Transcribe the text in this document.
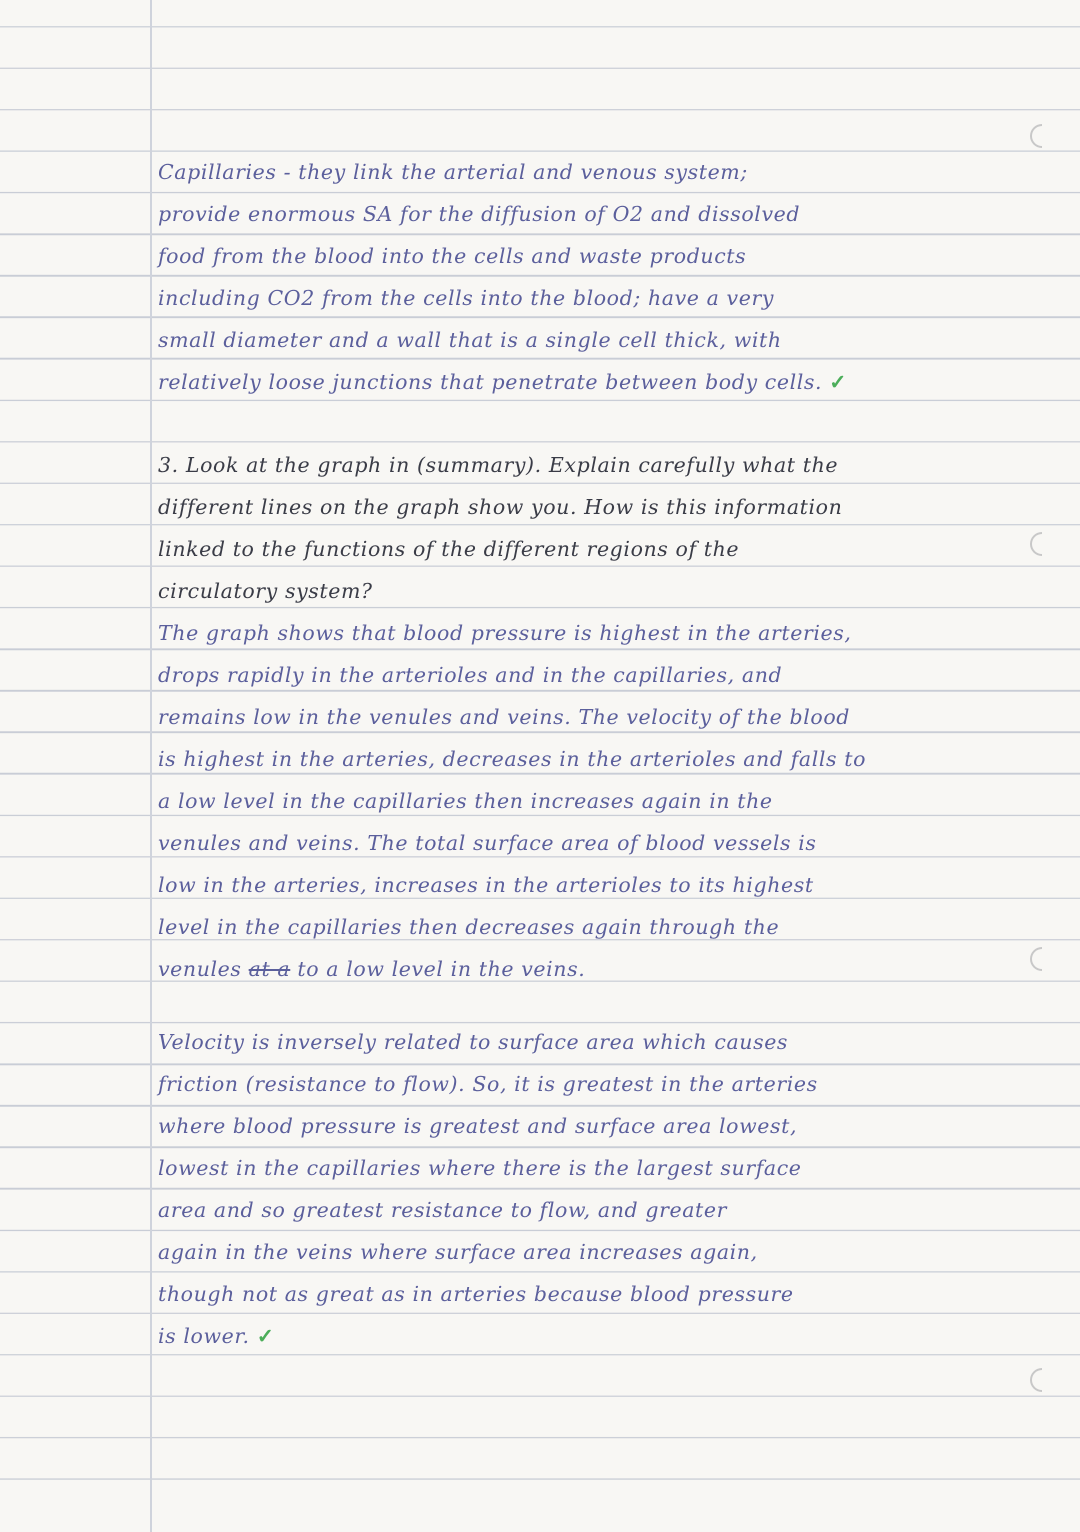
Capillaries - they link the arterial and venous system;
provide enormous SA for the diffusion of O2 and dissolved
food from the blood into the cells and waste products
including CO2 from the cells into the blood; have a very
small diameter and a wall that is a single cell thick, with
relatively loose junctions that penetrate between body cells. ✓
3. Look at the graph in (summary). Explain carefully what the
different lines on the graph show you. How is this information
linked to the functions of the different regions of the
circulatory system?
The graph shows that blood pressure is highest in the arteries,
drops rapidly in the arterioles and in the capillaries, and
remains low in the venules and veins. The velocity of the blood
is highest in the arteries, decreases in the arterioles and falls to
a low level in the capillaries then increases again in the
venules and veins. The total surface area of blood vessels is
low in the arteries, increases in the arterioles to its highest
level in the capillaries then decreases again through the
venules at a to a low level in the veins.
Velocity is inversely related to surface area which causes
friction (resistance to flow). So, it is greatest in the arteries
where blood pressure is greatest and surface area lowest,
lowest in the capillaries where there is the largest surface
area and so greatest resistance to flow, and greater
again in the veins where surface area increases again,
though not as great as in arteries because blood pressure
is lower. ✓
